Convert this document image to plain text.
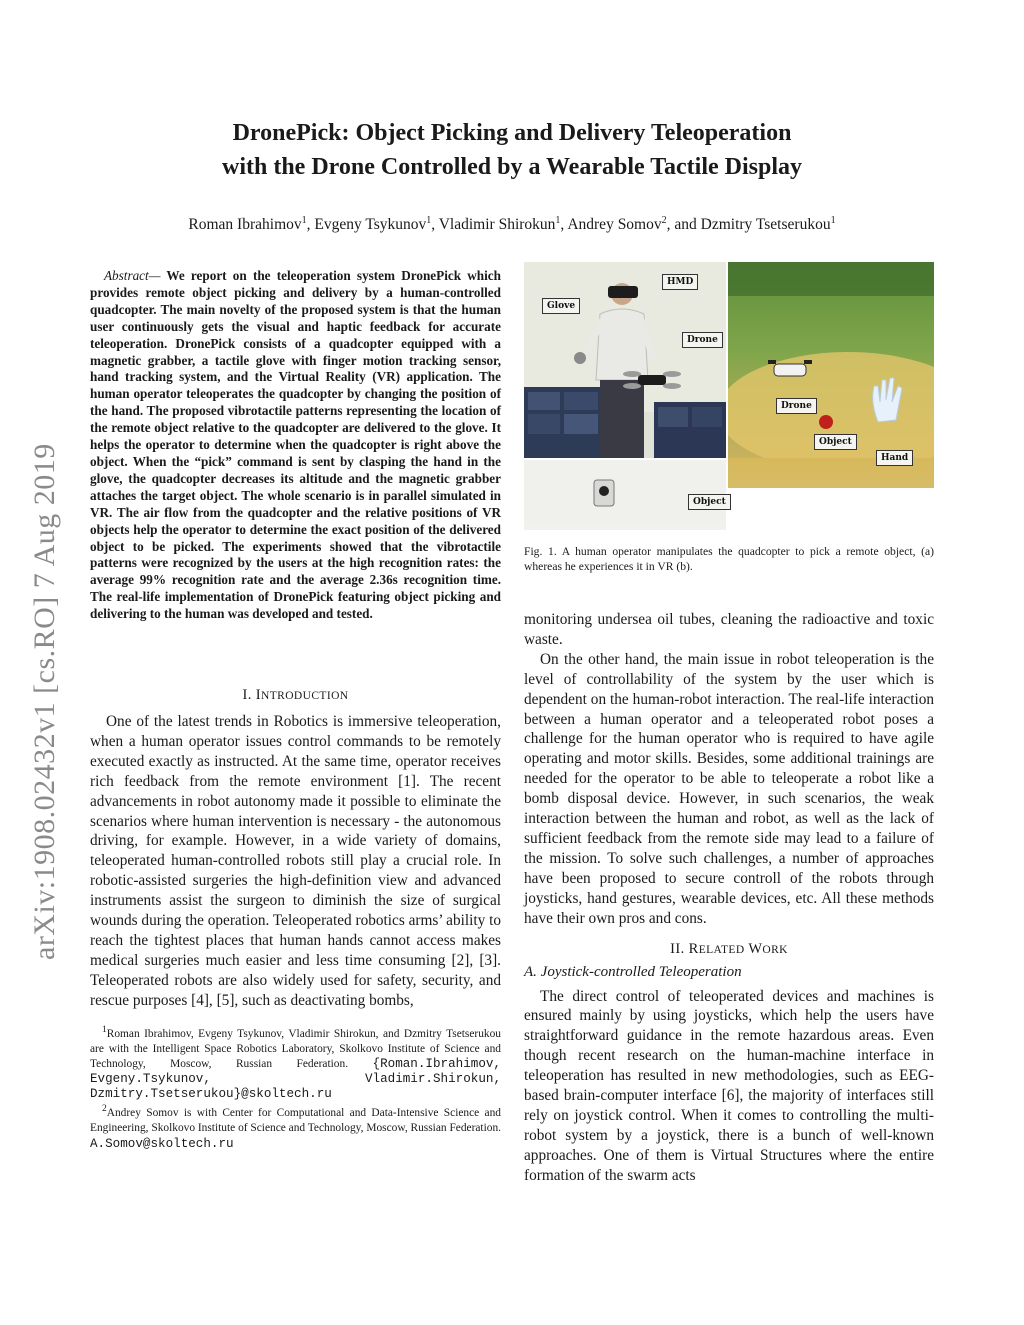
arXiv:1908.02432v1 [cs.RO] 7 Aug 2019
DronePick: Object Picking and Delivery Teleoperation
with the Drone Controlled by a Wearable Tactile Display
Roman Ibrahimov$^1$, Evgeny Tsykunov$^1$, Vladimir Shirokun$^1$, Andrey Somov$^2$, and Dzmitry Tsetserukou$^1$

Abstract— We report on the teleoperation system DronePick which provides remote object picking and delivery by a human-controlled quadcopter. The main novelty of the proposed system is that the human user continuously gets the visual and haptic feedback for accurate teleoperation. DronePick consists of a quadcopter equipped with a magnetic grabber, a tactile glove with finger motion tracking sensor, hand tracking system, and the Virtual Reality (VR) application. The human operator teleoperates the quadcopter by changing the position of the hand. The proposed vibrotactile patterns representing the location of the remote object relative to the quadcopter are delivered to the glove. It helps the operator to determine when the quadcopter is right above the object. When the “pick” command is sent by clasping the hand in the glove, the quadcopter decreases its altitude and the magnetic grabber attaches the target object. The whole scenario is in parallel simulated in VR. The air flow from the quadcopter and the relative positions of VR objects help the operator to determine the exact position of the delivered object to be picked. The experiments showed that the vibrotactile patterns were recognized by the users at the high recognition rates: the average 99% recognition rate and the average 2.36s recognition time. The real-life implementation of DronePick featuring object picking and delivering to the human was developed and tested.

I. INTRODUCTION

One of the latest trends in Robotics is immersive teleoperation, when a human operator issues control commands to be remotely executed exactly as instructed. At the same time, operator receives rich feedback from the remote environment [1]. The recent advancements in robot autonomy made it possible to eliminate the scenarios where human intervention is necessary - the autonomous driving, for example. However, in a wide variety of domains, teleoperated human-controlled robots still play a crucial role. In robotic-assisted surgeries the high-definition view and advanced instruments assist the surgeon to diminish the size of surgical wounds during the operation. Teleoperated robotics arms’ ability to reach the tightest places that human hands cannot access makes medical surgeries much easier and less time consuming [2], [3]. Teleoperated robots are also widely used for safety, security, and rescue purposes [4], [5], such as deactivating bombs,

$^1$Roman Ibrahimov, Evgeny Tsykunov, Vladimir Shirokun, and Dzmitry Tsetserukou are with the Intelligent Space Robotics Laboratory, Skolkovo Institute of Science and Technology, Moscow, Russian Federation. {Roman.Ibrahimov, Evgeny.Tsykunov, Vladimir.Shirokun, Dzmitry.Tsetserukou}@skoltech.ru

$^2$Andrey Somov is with Center for Computational and Data-Intensive Science and Engineering, Skolkovo Institute of Science and Technology, Moscow, Russian Federation. A.Somov@skoltech.ru

Glove
HMD
Drone
Drone
Object
Object
Hand
Fig. 1. A human operator manipulates the quadcopter to pick a remote object, (a) whereas he experiences it in VR (b).

monitoring undersea oil tubes, cleaning the radioactive and toxic waste.

On the other hand, the main issue in robot teleoperation is the level of controllability of the system by the user which is dependent on the human-robot interaction. The real-life interaction between a human operator and a teleoperated robot poses a challenge for the human operator who is required to have agile operating and motor skills. Besides, some additional trainings are needed for the operator to be able to teleoperate a robot like a bomb disposal device. However, in such scenarios, the weak interaction between the human and robot, as well as the lack of sufficient feedback from the remote side may lead to a failure of the mission. To solve such challenges, a number of approaches have been proposed to secure controll of the robots through joysticks, hand gestures, wearable devices, etc. All these methods have their own pros and cons.

II. RELATED WORK
A. Joystick-controlled Teleoperation

The direct control of teleoperated devices and machines is ensured mainly by using joysticks, which help the users have straightforward guidance in the remote hazardous areas. Even though recent research on the human-machine interface in teleoperation has resulted in new methodologies, such as EEG-based brain-computer interface [6], the majority of interfaces still rely on joystick control. When it comes to controlling the multi-robot system by a joystick, there is a bunch of well-known approaches. One of them is Virtual Structures where the entire formation of the swarm acts
